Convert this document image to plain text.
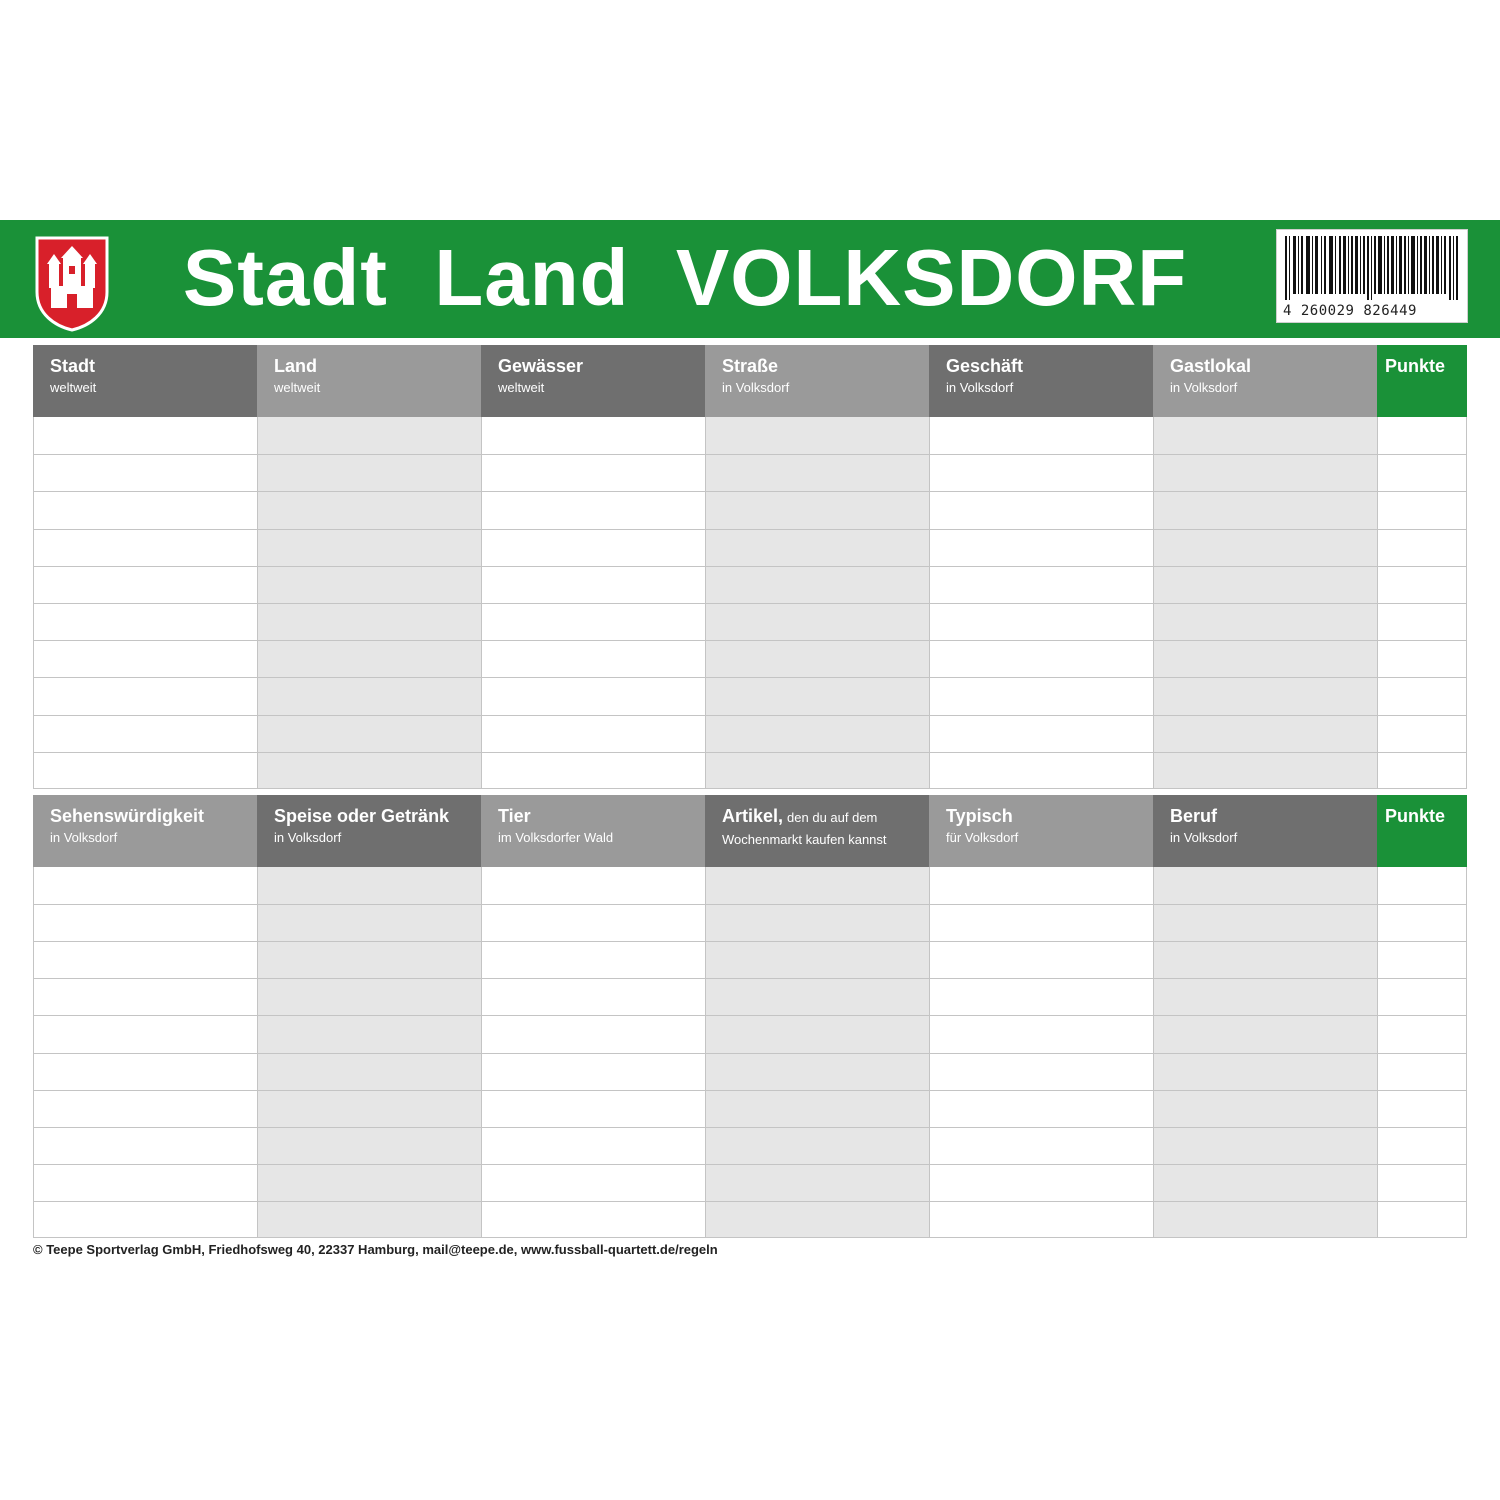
Stadt  Land  VOLKSDORF	4 260029 826449
Stadt
weltweit
Land
weltweit
Gewässer
weltweit
Straße
in Volksdorf
Geschäft
in Volksdorf
Gastlokal
in Volksdorf
Punkte
Sehenswürdigkeit
in Volksdorf
Speise oder Getränk
in Volksdorf
Tier
im Volksdorfer Wald
Artikel, den du auf dem
Wochenmarkt kaufen kannst
Typisch
für Volksdorf
Beruf
in Volksdorf
Punkte
© Teepe Sportverlag GmbH, Friedhofsweg 40, 22337 Hamburg, mail@teepe.de, www.fussball-quartett.de/regeln
